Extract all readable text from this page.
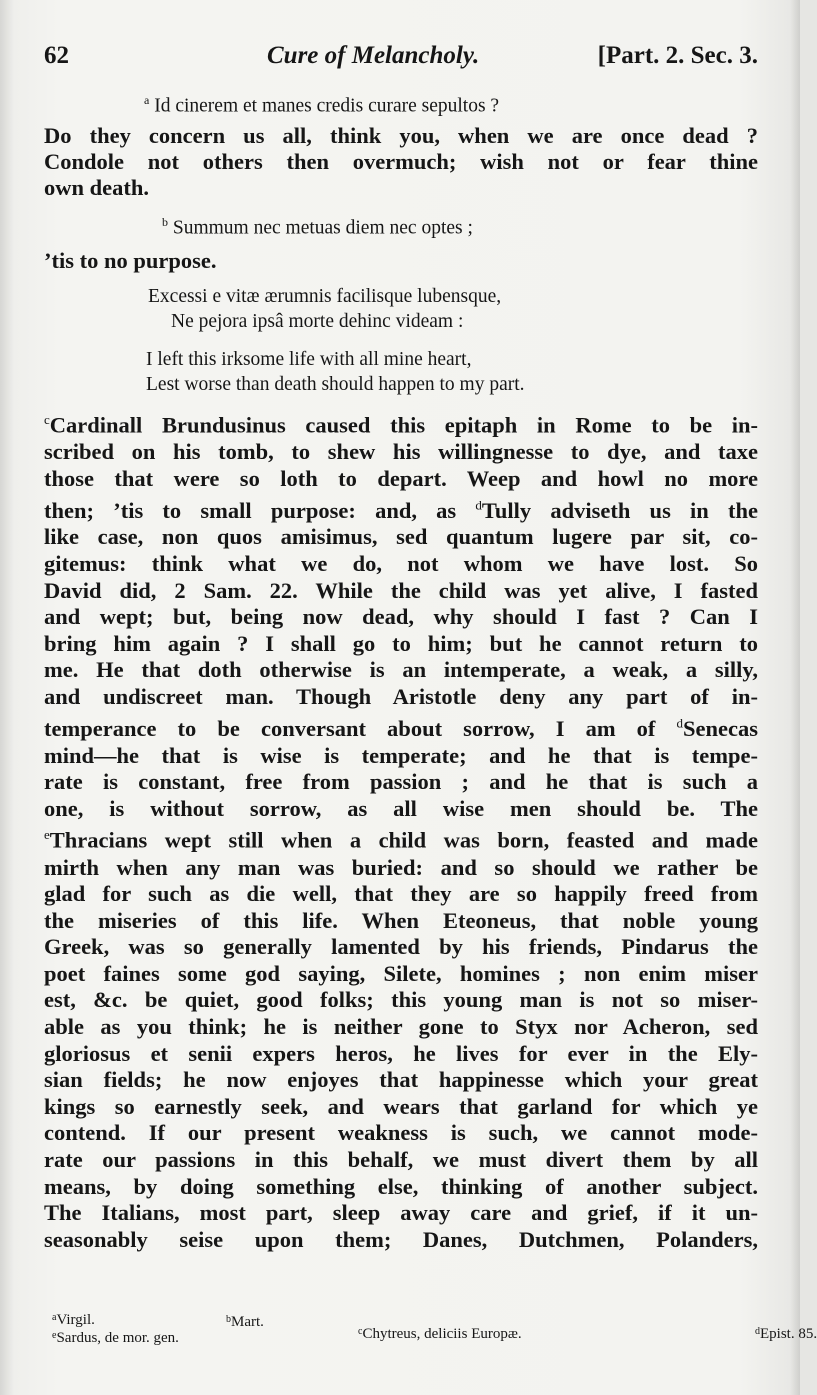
62	Cure of Melancholy.	[Part. 2. Sec. 3.
$^a$ Id cinerem et manes credis curare sepultos ?
Do they concern us all, think you, when we are once dead ?
Condole not others then overmuch; wish not or fear thine
own death.
$^b$ Summum nec metuas diem nec optes ;
’tis to no purpose.
Excessi e vitæ ærumnis facilisque lubensque,
Ne pejora ipsâ morte dehinc videam :
I left this irksome life with all mine heart,
Lest worse than death should happen to my part.
$^c$Cardinall Brundusinus caused this epitaph in Rome to be in-
scribed on his tomb, to shew his willingnesse to dye, and taxe
those that were so loth to depart. Weep and howl no more
then; ’tis to small purpose: and, as $^d$Tully adviseth us in the
like case, non quos amisimus, sed quantum lugere par sit, co-
gitemus: think what we do, not whom we have lost. So
David did, 2 Sam. 22. While the child was yet alive, I fasted
and wept; but, being now dead, why should I fast ? Can I
bring him again ? I shall go to him; but he cannot return to
me. He that doth otherwise is an intemperate, a weak, a silly,
and undiscreet man. Though Aristotle deny any part of in-
temperance to be conversant about sorrow, I am of $^d$Senecas
mind—he that is wise is temperate; and he that is tempe-
rate is constant, free from passion ; and he that is such a
one, is without sorrow, as all wise men should be. The
$^e$Thracians wept still when a child was born, feasted and made
mirth when any man was buried: and so should we rather be
glad for such as die well, that they are so happily freed from
the miseries of this life. When Eteoneus, that noble young
Greek, was so generally lamented by his friends, Pindarus the
poet faines some god saying, Silete, homines ; non enim miser
est, &c. be quiet, good folks; this young man is not so miser-
able as you think; he is neither gone to Styx nor Acheron, sed
gloriosus et senii expers heros, he lives for ever in the Ely-
sian fields; he now enjoyes that happinesse which your great
kings so earnestly seek, and wears that garland for which ye
contend. If our present weakness is such, we cannot mode-
rate our passions in this behalf, we must divert them by all
means, by doing something else, thinking of another subject.
The Italians, most part, sleep away care and grief, if it un-
seasonably seise upon them; Danes, Dutchmen, Polanders,
$^a$ Virgil.	$^b$ Mart.
$^c$ Chytreus, deliciis Europæ.	$^d$ Epist. 85.
$^e$ Sardus, de mor. gen.
